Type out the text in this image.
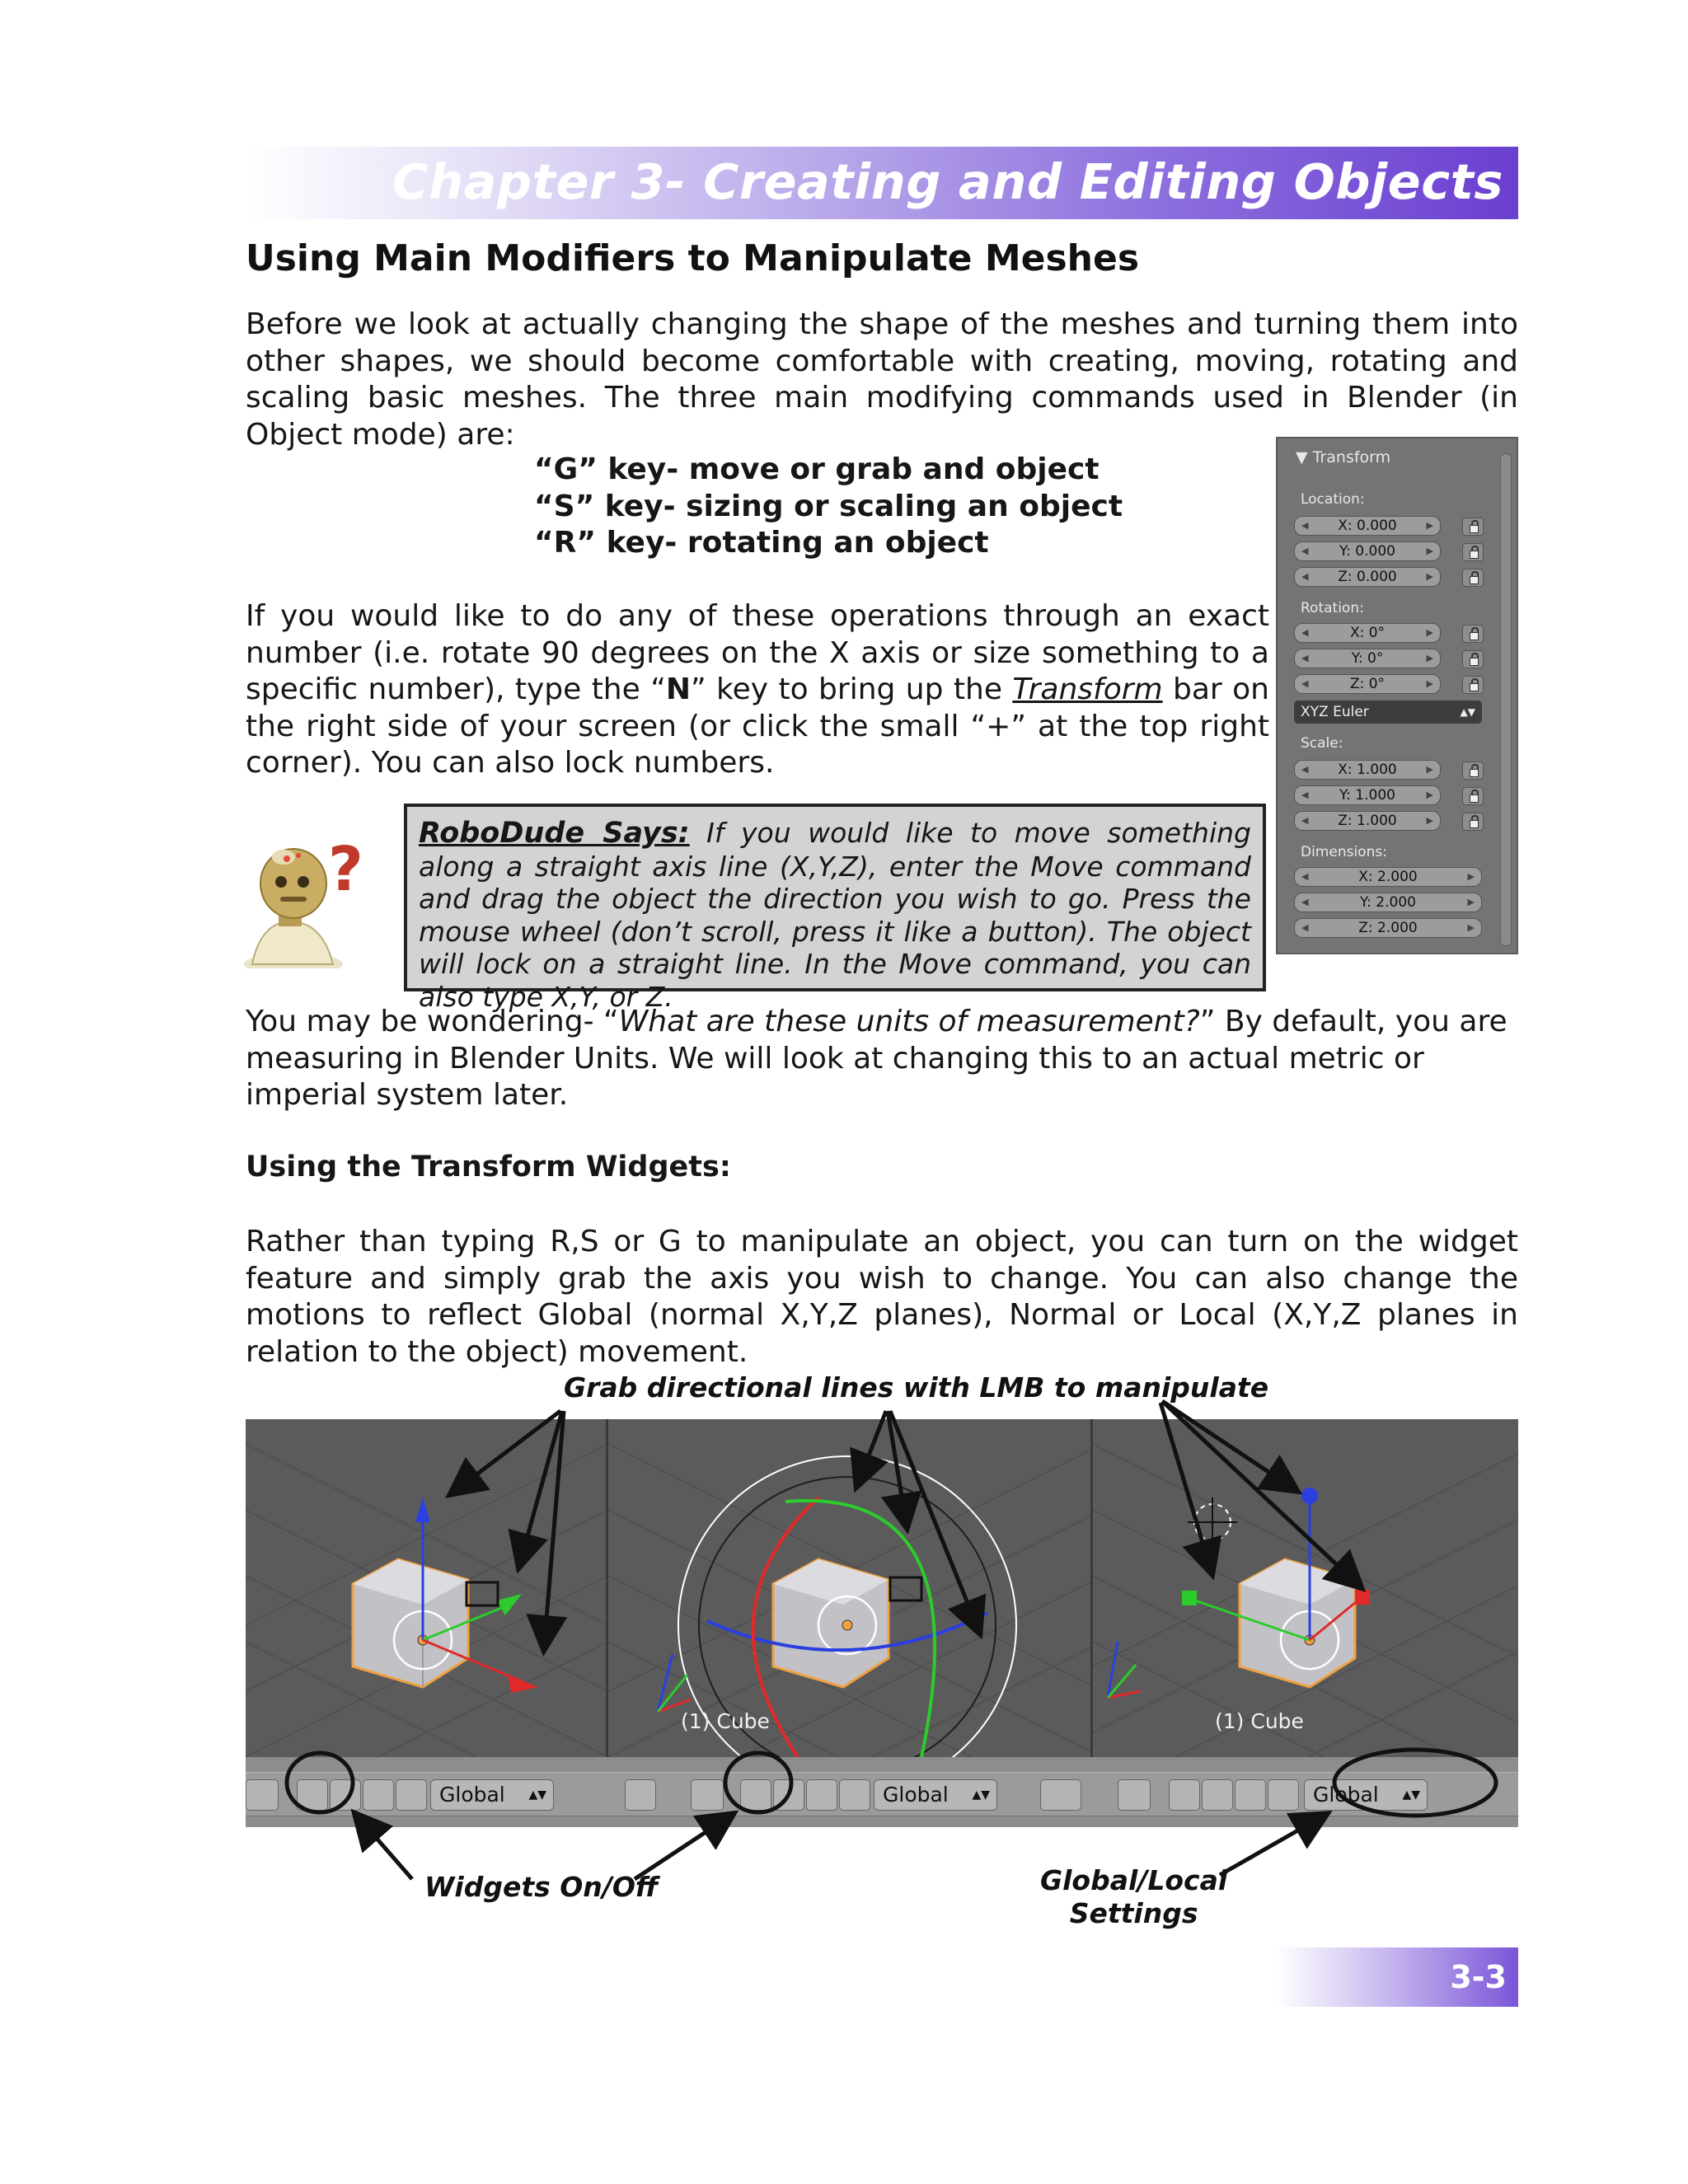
Chapter 3- Creating and Editing Objects
Using Main Modifiers to Manipulate Meshes

Before we look at actually changing the shape of the meshes and turning them into other shapes, we should become comfortable with creating, moving, rotating and scaling basic meshes. The three main modifying commands used in Blender (in Object mode) are:

“G” key- move or grab and object
“S” key- sizing or scaling an object
“R” key- rotating an object

If you would like to do any of these operations through an exact number (i.e. rotate 90 degrees on the X axis or size something to a specific number), type the “N” key to bring up the Transform bar on the right side of your screen (or click the small “+” at the top right corner). You can also lock numbers.

▼ Transform
Location:
◀ X: 0.000	▶
◀ Y: 0.000	▶
◀ Z: 0.000	▶
Rotation:
◀	X: 0°	▶
◀	Y: 0°	▶
◀	Z: 0°	▶
XYZ Euler	▲▼
Scale:
◀ X: 1.000	▶
◀ Y: 1.000	▶
◀ Z: 1.000	▶
Dimensions:
◀	X: 2.000	▶
◀	Y: 2.000	▶
◀	Z: 2.000	▶
?
RoboDude Says: If you would like to move something along a straight axis line (X,Y,Z), enter the Move command and drag the object the direction you wish to go. Press the mouse wheel (don’t scroll, press it like a button). The object will lock on a straight line. In the Move command, you can also type X,Y, or Z.

You may be wondering- “What are these units of measurement?” By default, you are measuring in Blender Units. We will look at changing this to an actual metric or imperial system later.

Using the Transform Widgets:

Rather than typing R,S or G to manipulate an object, you can turn on the widget feature and simply grab the axis you wish to change. You can also change the motions to reflect Global (normal X,Y,Z planes), Normal or Local (X,Y,Z planes in relation to the object) movement.

(1) Cube	(1) Cube
Global ▲▼	Global ▲▼	Global ▲▼
Grab directional lines with LMB to manipulate
Widgets On/Off	Global/Local
Settings
3-3
